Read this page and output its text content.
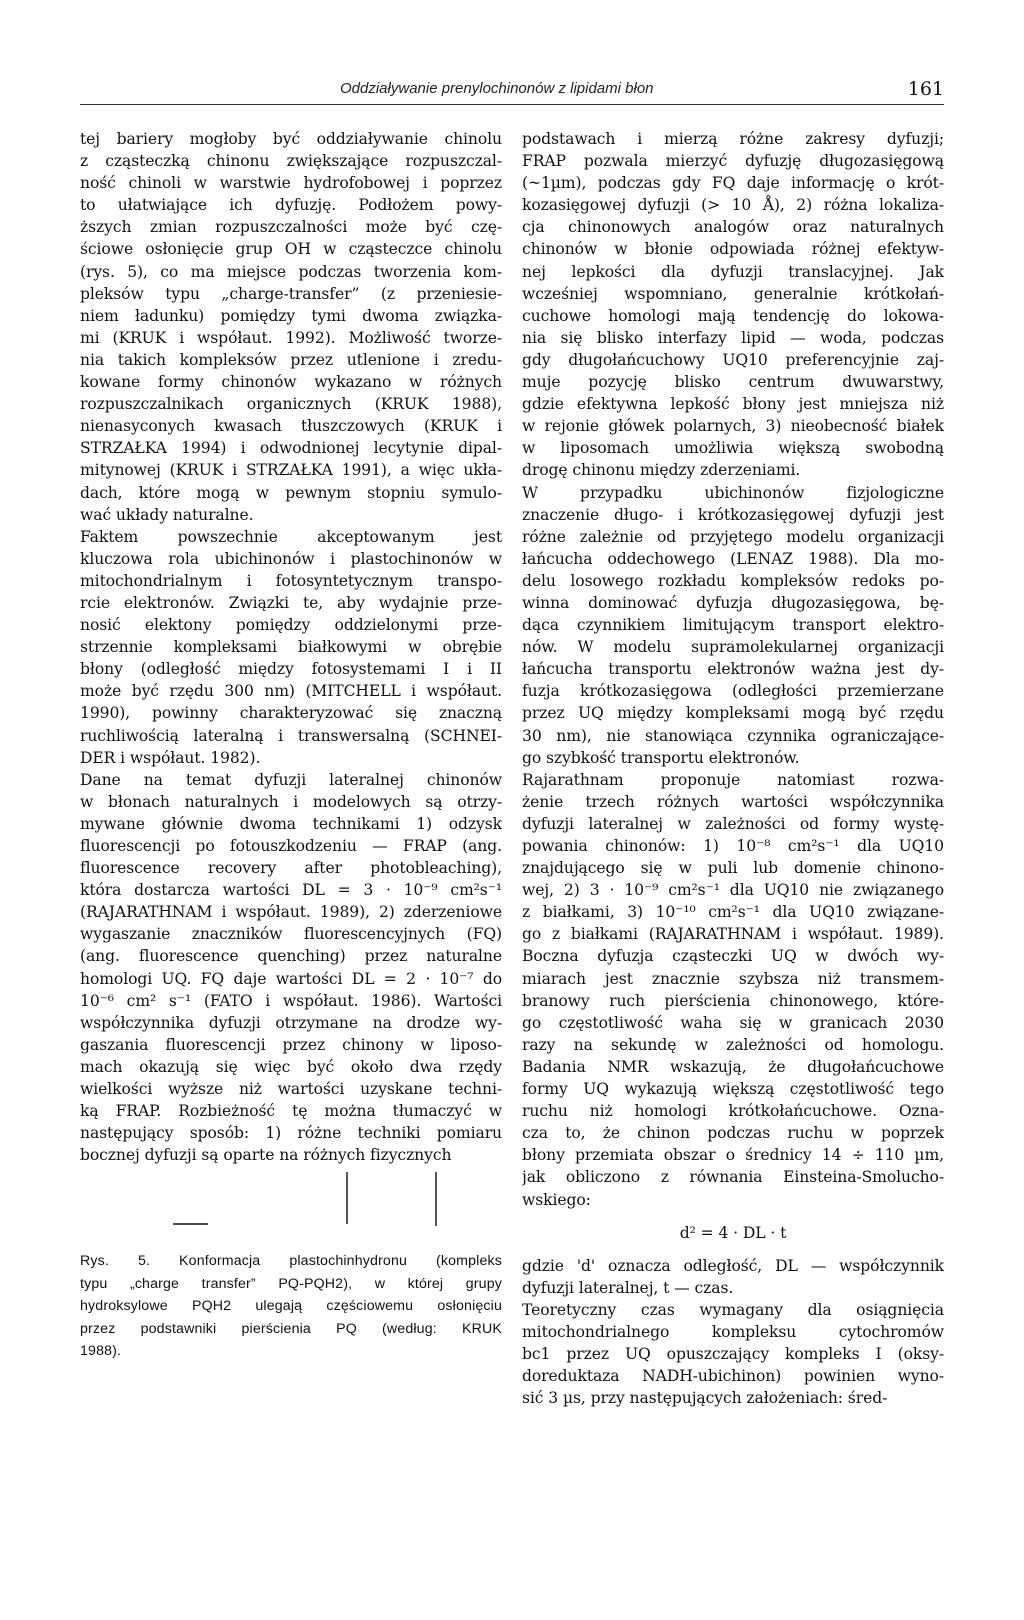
Oddziaływanie prenylochinonów z lipidami błon	161
tej bariery mogłoby być oddziaływanie chinolu
z cząsteczką chinonu zwiększające rozpuszczal-
ność chinoli w warstwie hydrofobowej i poprzez
to ułatwiające ich dyfuzję. Podłożem powy-
ższych zmian rozpuszczalności może być czę-
ściowe osłonięcie grup OH w cząsteczce chinolu
(rys. 5), co ma miejsce podczas tworzenia kom-
pleksów typu „charge-transfer” (z przeniesie-
niem ładunku) pomiędzy tymi dwoma związka-
mi (KRUK i współaut. 1992). Możliwość tworze-
nia takich kompleksów przez utlenione i zredu-
kowane formy chinonów wykazano w różnych
rozpuszczalnikach organicznych (KRUK 1988),
nienasyconych kwasach tłuszczowych (KRUK i
STRZAŁKA 1994) i odwodnionej lecytynie dipal-
mitynowej (KRUK i STRZAŁKA 1991), a więc ukła-
dach, które mogą w pewnym stopniu symulo-
wać układy naturalne.
Faktem powszechnie akceptowanym jest
kluczowa rola ubichinonów i plastochinonów w
mitochondrialnym i fotosyntetycznym transpo-
rcie elektronów. Związki te, aby wydajnie prze-
nosić elektony pomiędzy oddzielonymi prze-
strzennie kompleksami białkowymi w obrębie
błony (odległość między fotosystemami I i II
może być rzędu 300 nm) (MITCHELL i współaut.
1990), powinny charakteryzować się znaczną
ruchliwością lateralną i transwersalną (SCHNEI-
DER i współaut. 1982).
Dane na temat dyfuzji lateralnej chinonów
w błonach naturalnych i modelowych są otrzy-
mywane głównie dwoma technikami 1) odzysk
fluorescencji po fotouszkodzeniu — FRAP (ang.
fluorescence recovery after photobleaching),
która dostarcza wartości DL = 3 · 10⁻⁹ cm²s⁻¹
(RAJARATHNAM i współaut. 1989), 2) zderzeniowe
wygaszanie znaczników fluorescencyjnych (FQ)
(ang. fluorescence quenching) przez naturalne
homologi UQ. FQ daje wartości DL = 2 · 10⁻⁷ do
10⁻⁶ cm² s⁻¹ (FATO i współaut. 1986). Wartości
współczynnika dyfuzji otrzymane na drodze wy-
gaszania fluorescencji przez chinony w liposo-
mach okazują się więc być około dwa rzędy
wielkości wyższe niż wartości uzyskane techni-
ką FRAP. Rozbieżność tę można tłumaczyć w
następujący sposób: 1) różne techniki pomiaru
bocznej dyfuzji są oparte na różnych fizycznych
podstawach i mierzą różne zakresy dyfuzji;
FRAP pozwala mierzyć dyfuzję długozasięgową
(~1µm), podczas gdy FQ daje informację o krót-
kozasięgowej dyfuzji (> 10 Å), 2) różna lokaliza-
cja chinonowych analogów oraz naturalnych
chinonów w błonie odpowiada różnej efektyw-
nej lepkości dla dyfuzji translacyjnej. Jak
wcześniej wspomniano, generalnie krótkołań-
cuchowe homologi mają tendencję do lokowa-
nia się blisko interfazy lipid — woda, podczas
gdy długołańcuchowy UQ10 preferencyjnie zaj-
muje pozycję blisko centrum dwuwarstwy,
gdzie efektywna lepkość błony jest mniejsza niż
w rejonie główek polarnych, 3) nieobecność białek
w liposomach umożliwia większą swobodną
drogę chinonu między zderzeniami.
W przypadku ubichinonów fizjologiczne
znaczenie długo- i krótkozasięgowej dyfuzji jest
różne zależnie od przyjętego modelu organizacji
łańcucha oddechowego (LENAZ 1988). Dla mo-
delu losowego rozkładu kompleksów redoks po-
winna dominować dyfuzja długozasięgowa, bę-
dąca czynnikiem limitującym transport elektro-
nów. W modelu supramolekularnej organizacji
łańcucha transportu elektronów ważna jest dy-
fuzja krótkozasięgowa (odległości przemierzane
przez UQ między kompleksami mogą być rzędu
30 nm), nie stanowiąca czynnika ograniczające-
go szybkość transportu elektronów.
Rajarathnam proponuje natomiast rozwa-
żenie trzech różnych wartości współczynnika
dyfuzji lateralnej w zależności od formy wystę-
powania chinonów: 1) 10⁻⁸ cm²s⁻¹ dla UQ10
znajdującego się w puli lub domenie chinono-
wej, 2) 3 · 10⁻⁹ cm²s⁻¹ dla UQ10 nie związanego
z białkami, 3) 10⁻¹⁰ cm²s⁻¹ dla UQ10 związane-
go z białkami (RAJARATHNAM i współaut. 1989).
Boczna dyfuzja cząsteczki UQ w dwóch wy-
miarach jest znacznie szybsza niż transmem-
branowy ruch pierścienia chinonowego, które-
go częstotliwość waha się w granicach 2030
razy na sekundę w zależności od homologu.
Badania NMR wskazują, że długołańcuchowe
formy UQ wykazują większą częstotliwość tego
ruchu niż homologi krótkołańcuchowe. Ozna-
cza to, że chinon podczas ruchu w poprzek
błony przemiata obszar o średnicy 14 ÷ 110 µm,
jak obliczono z równania Einsteina-Smolucho-
wskiego:
d² = 4 · DL · t
gdzie 'd' oznacza odległość, DL — współczynnik
dyfuzji lateralnej, t — czas.
Teoretyczny czas wymagany dla osiągnięcia
mitochondrialnego kompleksu cytochromów
bc1 przez UQ opuszczający kompleks I (oksy-
doreduktaza NADH-ubichinon) powinien wyno-
sić 3 µs, przy następujących założeniach: śred-
Rys. 5. Konformacja plastochinhydronu (kompleks
typu „charge transfer” PQ-PQH2), w której grupy
hydroksylowe PQH2 ulegają częściowemu osłonięciu
przez podstawniki pierścienia PQ (według: KRUK
1988).
